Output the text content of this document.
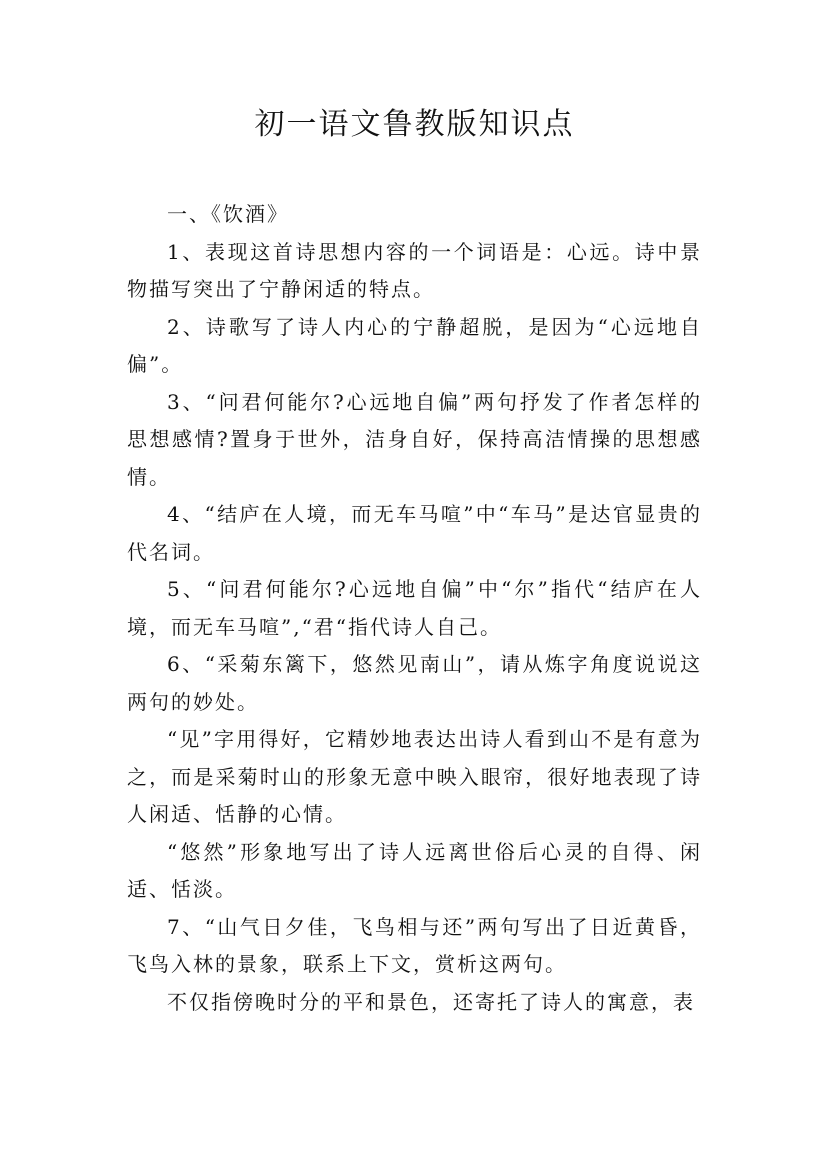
初一语文鲁教版知识点

一、《饮酒》

1、表现这首诗思想内容的一个词语是：心远。诗中景物描写突出了宁静闲适的特点。

2、诗歌写了诗人内心的宁静超脱，是因为“心远地自偏”。

3、“问君何能尔?心远地自偏”两句抒发了作者怎样的思想感情?置身于世外，洁身自好，保持高洁情操的思想感情。

4、“结庐在人境，而无车马喧”中“车马”是达官显贵的代名词。

5、“问君何能尔?心远地自偏”中“尔”指代“结庐在人境，而无车马喧”,“君“指代诗人自己。

6、“采菊东篱下，悠然见南山”，请从炼字角度说说这两句的妙处。

“见”字用得好，它精妙地表达出诗人看到山不是有意为之，而是采菊时山的形象无意中映入眼帘，很好地表现了诗人闲适、恬静的心情。

“悠然”形象地写出了诗人远离世俗后心灵的自得、闲适、恬淡。

7、“山气日夕佳，飞鸟相与还”两句写出了日近黄昏，飞鸟入林的景象，联系上下文，赏析这两句。

不仅指傍晚时分的平和景色，还寄托了诗人的寓意，表
